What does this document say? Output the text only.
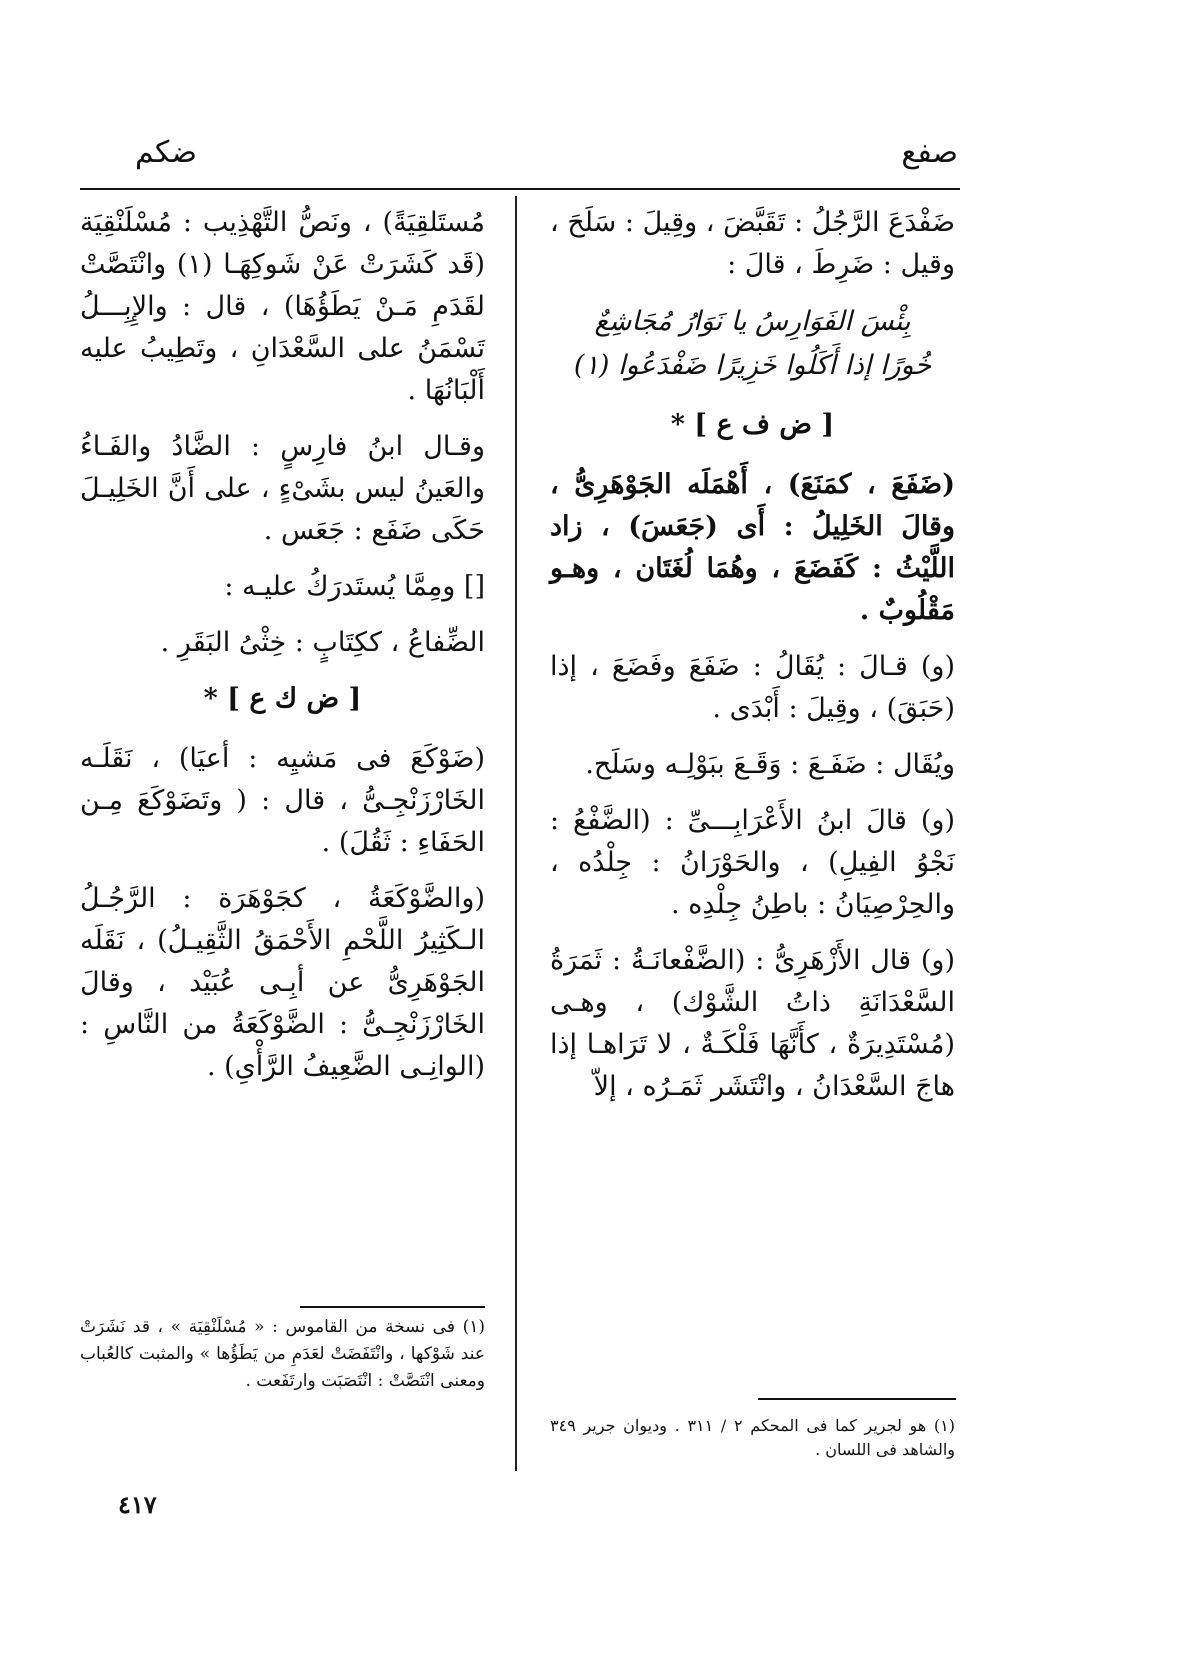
صفع
ضكم

ضَفْدَعَ الرَّجُلُ : تَقَبَّضَ ، وقِيلَ : سَلَحَ ، وقيل : ضَرِطَ ، قالَ :

بِئْسَ الفَوَارِسُ يا نَوَارُ مُجَاشِعٌ
خُورًا إذا أَكَلُوا خَزِيرًا ضَفْدَعُوا (١)
[ ض ف ع ] *

(ضَفَعَ ، كمَنَعَ) ، أَهْمَلَه الجَوْهَرِىُّ ، وقالَ الخَلِيلُ : أَى (جَعَسَ) ، زاد اللَّيْثُ : كَفَضَعَ ، وهُمَا لُغَتَان ، وهـو مَقْلُوبٌ .

(و) قـالَ : يُقَالُ : ضَفَعَ وفَضَعَ ، إذا (حَبَقَ) ، وقِيلَ : أَبْدَى .

ويُقَال : ضَفَـعَ : وَقَـعَ ببَوْلِـه وسَلَح.

(و) قالَ ابنُ الأَعْرَابِـــىِّ : (الضَّفْعُ : نَجْوُ الفِيلِ) ، والحَوْرَانُ : جِلْدُه ، والحِرْصِيَانُ : باطِنُ جِلْدِه .

(و) قال الأَزْهَرِىُّ : (الضَّفْعانَـةُ : ثَمَرَةُ السَّعْدَانَةِ ذاتُ الشَّوْك) ، وهـى (مُسْتَدِيرَةٌ ، كأَنَّهَا فَلْكَـةٌ ، لا تَرَاهـا إذا هاجَ السَّعْدَانُ ، وانْتَشَر ثَمَـرُه ، إلاّ

مُستَلقِيَةً) ، ونَصُّ التَّهْذِيب : مُسْلَنْقِيَة (قَد كَشَرَتْ عَنْ شَوكِهَـا (١) وانْتَصَّتْ لقَدَمِ مَـنْ يَطَؤُهَا) ، قال : والإِبِـــلُ تَسْمَنُ على السَّعْدَانِ ، وتَطِيبُ عليه أَلْبَانُهَا .

وقـال ابنُ فارِسٍ : الضَّادُ والفَـاءُ والعَينُ ليس بشَىْءٍ ، على أَنَّ الخَلِيـلَ حَكَى ضَفَع : جَعَس .

[] ومِمَّا يُستَدرَكُ عليـه :

الضِّفاعُ ، ككِتَابٍ : خِثْىُ البَقَرِ .

[ ض ك ع ] *

(ضَوْكَعَ فى مَشيِه : أعيَا) ، نَقَلَـه الخَارْزَنْجِـىُّ ، قال : ( وتَضَوْكَعَ مِـن الحَفَاءِ : ثَقُلَ) .

(والضَّوْكَعَةُ ، كجَوْهَرَة : الرَّجُـلُ الـكَثِيرُ اللَّحْمِ الأَحْمَقُ الثَّقِيـلُ) ، نَقَلَه الجَوْهَرِىُّ عن أبِـى عُبَيْد ، وقالَ الخَارْزَنْجِـىُّ : الضَّوْكَعَةُ من النَّاسِ : (الوانِـى الضَّعِيفُ الرَّأْىِ) .

(١) فى نسخة من القاموس : « مُسْلَنْقِيَة » ، قد نَشَرَتْ عند شَوْكها ، وانْتَفَضَتْ لعَدَمِ من يَطَؤُها » والمثبت كالعُباب ومعنى انْتَصَّتْ : انْتَصَبَت وارتَفَعت .
(١) هو لجرير كما فى المحكم ٢ / ٣١١ . وديوان جرير ٣٤٩ والشاهد فى اللسان .
٤١٧
